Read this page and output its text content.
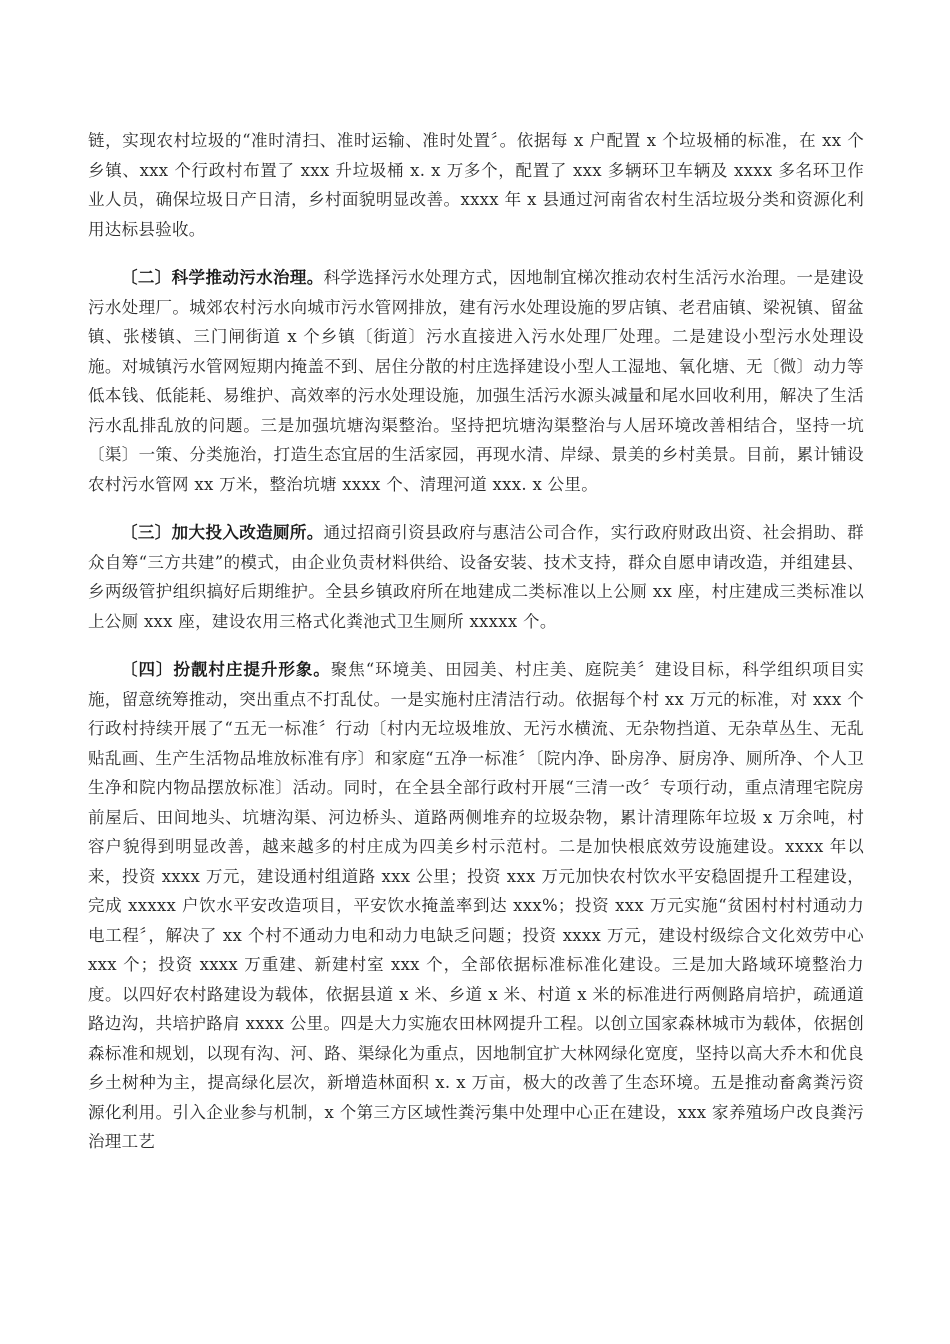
链，实现农村垃圾的“准时清扫、准时运输、准时处置〞。依据每 x 户配置 x 个垃圾桶的标准，在 xx 个乡镇、xxx 个行政村布置了 xxx 升垃圾桶 x. x 万多个，配置了 xxx 多辆环卫车辆及 xxxx 多名环卫作业人员，确保垃圾日产日清，乡村面貌明显改善。xxxx 年 x 县通过河南省农村生活垃圾分类和资源化利用达标县验收。

〔二〕科学推动污水治理。科学选择污水处理方式，因地制宜梯次推动农村生活污水治理。一是建设污水处理厂。城郊农村污水向城市污水管网排放，建有污水处理设施的罗店镇、老君庙镇、梁祝镇、留盆镇、张楼镇、三门闸街道 x 个乡镇〔街道〕污水直接进入污水处理厂处理。二是建设小型污水处理设施。对城镇污水管网短期内掩盖不到、居住分散的村庄选择建设小型人工湿地、氧化塘、无〔微〕动力等低本钱、低能耗、易维护、高效率的污水处理设施，加强生活污水源头减量和尾水回收利用，解决了生活污水乱排乱放的问题。三是加强坑塘沟渠整治。坚持把坑塘沟渠整治与人居环境改善相结合，坚持一坑〔渠〕一策、分类施治，打造生态宜居的生活家园，再现水清、岸绿、景美的乡村美景。目前，累计铺设农村污水管网 xx 万米，整治坑塘 xxxx 个、清理河道 xxx. x 公里。

〔三〕加大投入改造厕所。通过招商引资县政府与惠洁公司合作，实行政府财政出资、社会捐助、群众自筹“三方共建”的模式，由企业负责材料供给、设备安装、技术支持，群众自愿申请改造，并组建县、乡两级管护组织搞好后期维护。全县乡镇政府所在地建成二类标准以上公厕 xx 座，村庄建成三类标准以上公厕 xxx 座，建设农用三格式化粪池式卫生厕所 xxxxx 个。

〔四〕扮靓村庄提升形象。聚焦“环境美、田园美、村庄美、庭院美〞建设目标，科学组织项目实施，留意统筹推动，突出重点不打乱仗。一是实施村庄清洁行动。依据每个村 xx 万元的标准，对 xxx 个行政村持续开展了“五无一标准〞行动〔村内无垃圾堆放、无污水横流、无杂物挡道、无杂草丛生、无乱贴乱画、生产生活物品堆放标准有序〕和家庭“五净一标准〞〔院内净、卧房净、厨房净、厕所净、个人卫生净和院内物品摆放标准〕活动。同时，在全县全部行政村开展“三清一改〞专项行动，重点清理宅院房前屋后、田间地头、坑塘沟渠、河边桥头、道路两侧堆弃的垃圾杂物，累计清理陈年垃圾 x 万余吨，村容户貌得到明显改善，越来越多的村庄成为四美乡村示范村。二是加快根底效劳设施建设。xxxx 年以来，投资 xxxx 万元，建设通村组道路 xxx 公里；投资 xxx 万元加快农村饮水平安稳固提升工程建设，完成 xxxxx 户饮水平安改造项目，平安饮水掩盖率到达 xxx%；投资 xxx 万元实施“贫困村村村通动力电工程〞，解决了 xx 个村不通动力电和动力电缺乏问题；投资 xxxx 万元，建设村级综合文化效劳中心 xxx 个；投资 xxxx 万重建、新建村室 xxx 个，全部依据标准标准化建设。三是加大路域环境整治力度。以四好农村路建设为载体，依据县道 x 米、乡道 x 米、村道 x 米的标准进行两侧路肩培护，疏通道路边沟，共培护路肩 xxxx 公里。四是大力实施农田林网提升工程。以创立国家森林城市为载体，依据创森标准和规划，以现有沟、河、路、渠绿化为重点，因地制宜扩大林网绿化宽度，坚持以高大乔木和优良乡土树种为主，提高绿化层次，新增造林面积 x. x 万亩，极大的改善了生态环境。五是推动畜禽粪污资源化利用。引入企业参与机制，x 个第三方区域性粪污集中处理中心正在建设，xxx 家养殖场户改良粪污治理工艺
